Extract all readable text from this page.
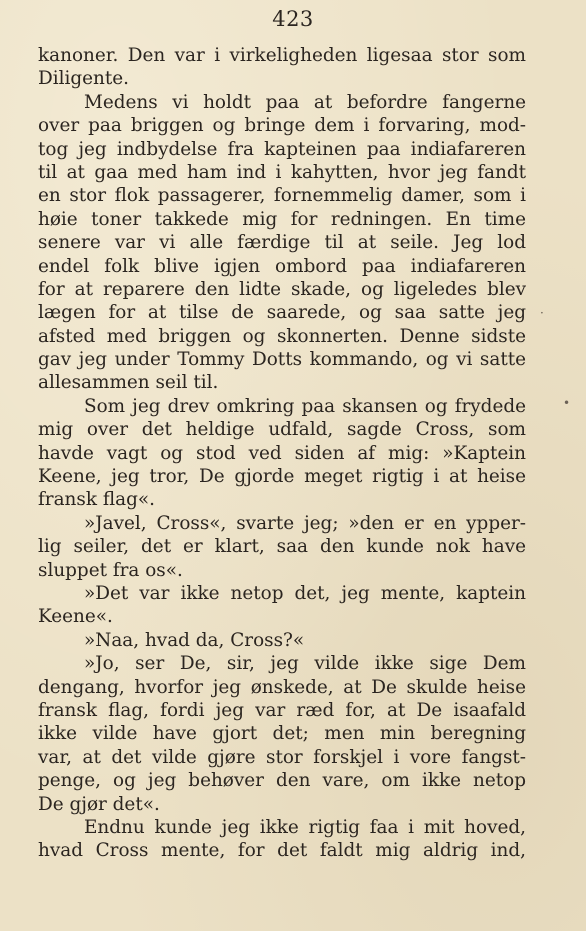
423
kanoner. Den var i virkeligheden ligesaa stor som
Diligente.
Medens vi holdt paa at befordre fangerne
over paa briggen og bringe dem i forvaring, mod-
tog jeg indbydelse fra kapteinen paa indiafareren
til at gaa med ham ind i kahytten, hvor jeg fandt
en stor flok passagerer, fornemmelig damer, som i
høie toner takkede mig for redningen. En time
senere var vi alle færdige til at seile. Jeg lod
endel folk blive igjen ombord paa indiafareren
for at reparere den lidte skade, og ligeledes blev
lægen for at tilse de saarede, og saa satte jeg
afsted med briggen og skonnerten. Denne sidste
gav jeg under Tommy Dotts kommando, og vi satte
allesammen seil til.
Som jeg drev omkring paa skansen og frydede
mig over det heldige udfald, sagde Cross, som
havde vagt og stod ved siden af mig: »Kaptein
Keene, jeg tror, De gjorde meget rigtig i at heise
fransk flag«.
»Javel, Cross«, svarte jeg; »den er en ypper-
lig seiler, det er klart, saa den kunde nok have
sluppet fra os«.
»Det var ikke netop det, jeg mente, kaptein
Keene«.
»Naa, hvad da, Cross?«
»Jo, ser De, sir, jeg vilde ikke sige Dem
dengang, hvorfor jeg ønskede, at De skulde heise
fransk flag, fordi jeg var ræd for, at De isaafald
ikke vilde have gjort det; men min beregning
var, at det vilde gjøre stor forskjel i vore fangst-
penge, og jeg behøver den vare, om ikke netop
De gjør det«.
Endnu kunde jeg ikke rigtig faa i mit hoved,
hvad Cross mente, for det faldt mig aldrig ind,
·
•
